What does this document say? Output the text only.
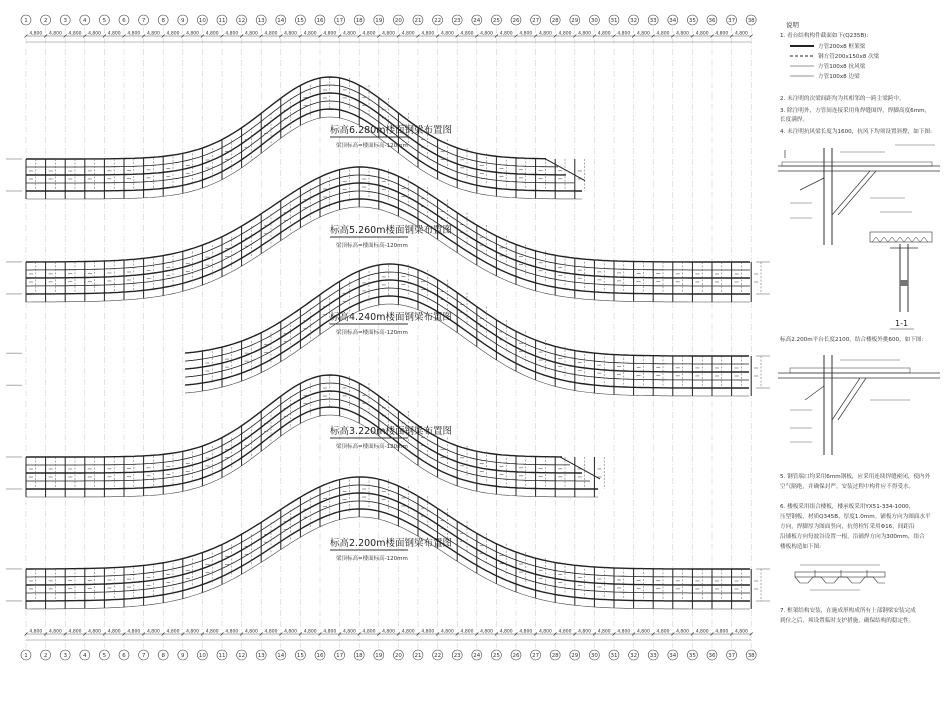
1	2	3	4	5	6	7	8	9	10 11 12 13 14 15 16 17 18 19 20 21 22 23 24 25 26 27 28 29 30 31 32 33 34 35 36 37 38
1	2	3	4	5	6	7	8	9	10 11 12 13 14 15 16 17 18 19 20 21 22 23 24 25 26 27 28 29 30 31 32 33 34 35 36 37 38
4,800 4,800 4,800 4,800 4,800 4,800 4,800 4,800 4,800 4,800 4,800 4,800 4,800 4,800 4,800 4,800 4,800 4,800 4,800 4,800 4,800 4,800 4,800 4,800 4,800 4,800 4,800 4,800 4,800 4,800 4,800 4,800 4,800 4,800 4,800 4,800 4,800
4,800 4,800 4,800 4,800 4,800 4,800 4,800 4,800 4,800 4,800 4,800 4,800 4,800 4,800 4,800 4,800 4,800 4,800 4,800 4,800 4,800 4,800 4,800 4,800 4,800 4,800 4,800 4,800 4,800 4,800 4,800 4,800 4,800 4,800 4,800 4,800 4,800
标高6.280m楼面钢梁布置图
梁顶标高=楼面标高-120mm
标高5.260m楼面钢梁布置图
梁顶标高=楼面标高-120mm
标高4.240m楼面钢梁布置图
梁顶标高=楼面标高-120mm
标高3.220m楼面钢梁布置图
梁顶标高=楼面标高-120mm
标高2.200m楼面钢梁布置图
梁顶标高=楼面标高-120mm
说明
1. 看台结构构件截面如下(Q235B):
方管200x8 框架梁
钢方管200x150x8 次梁
方管100x8 抗风梁
方管100x8 边梁
2. 未注明的次梁间距均为其相邻的一跨主梁跨中。
3. 除注明外，方管间连接采用角焊缝围焊，焊脚高度6mm，
长度满焊。
4. 未注明抗风梁长度为1600，抗风下均须设置斜撑，如下图:
1-1
标高2.200m平台长度2100，结合楼板外挑600，如下图:
5. 钢管端口均采用6mm钢板，应采用连续焊缝密闭，使内外
空气隔绝，并确保封严。安装过程中构件应不得受水。
6. 楼板采用组合楼板，楼承板采用YX51-334-1000,
压型钢板，材质Q345B，厚度1.0mm。铺板方向为图面水平
方向，焊脚厚为图面竖向，抗剪栓钉采用Φ16，间距沿
沿铺板方向每波谷设置一根，沿铺焊方向为300mm，组合
楼板构造如下图:
7. 框架结构安装，在施成形构成所有上部钢梁安装完成
到位之后，须设置临时支护措施，确保结构的稳定性。
